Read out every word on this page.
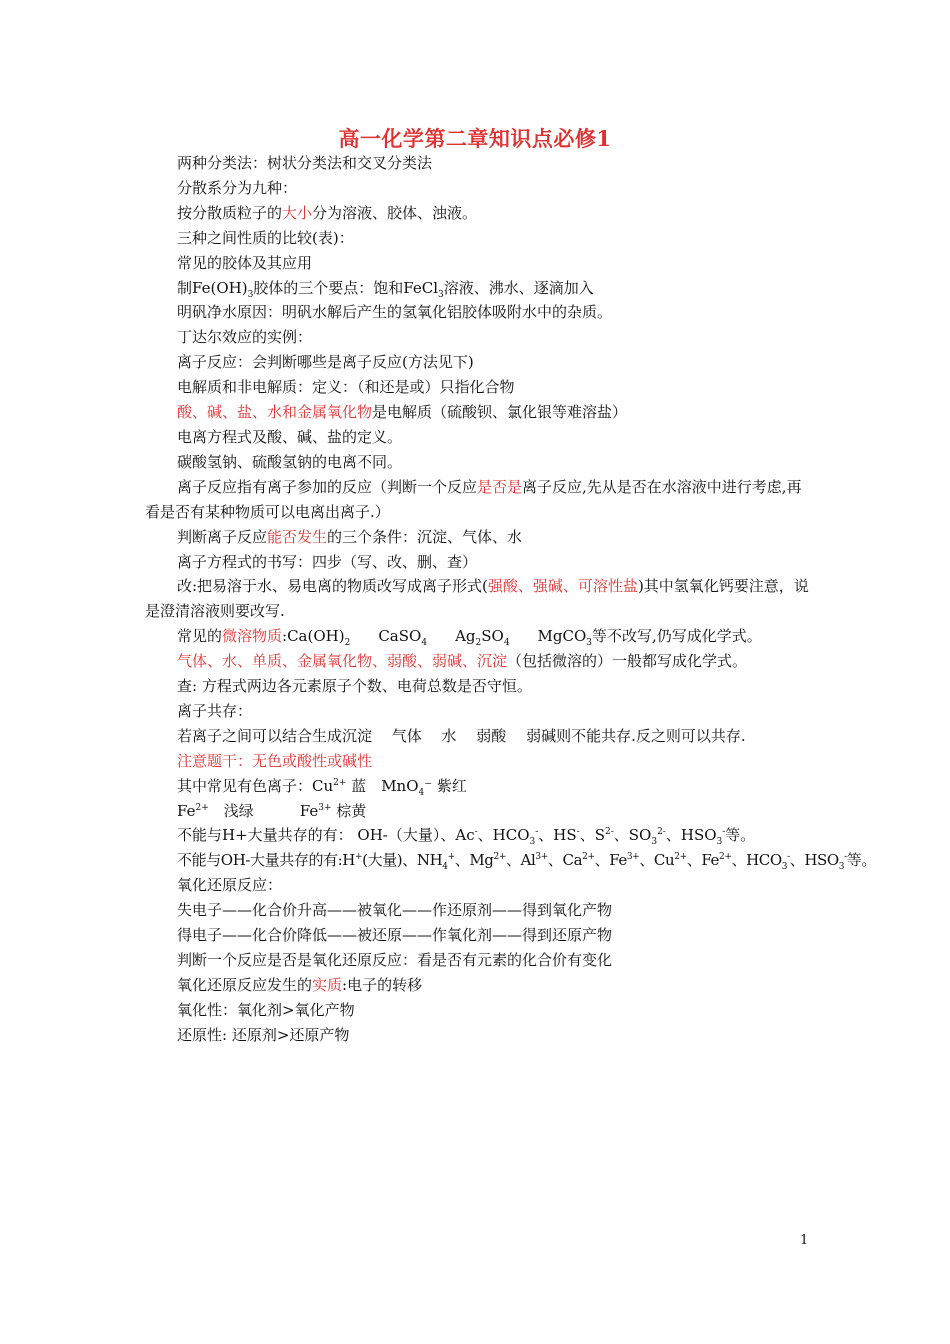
高一化学第二章知识点必修1

两种分类法：树状分类法和交叉分类法

分散系分为九种：

按分散质粒子的大小分为溶液、胶体、浊液。

三种之间性质的比较(表)：

常见的胶体及其应用

制$Fe(OH)_3$胶体的三个要点：饱和FeCl$_3$溶液、沸水、逐滴加入

明矾净水原因：明矾水解后产生的氢氧化铝胶体吸附水中的杂质。

丁达尔效应的实例：

离子反应：会判断哪些是离子反应(方法见下)

电解质和非电解质：定义：（和还是或）只指化合物

酸、碱、盐、水和金属氧化物是电解质（硫酸钡、氯化银等难溶盐）

电离方程式及酸、碱、盐的定义。

碳酸氢钠、硫酸氢钠的电离不同。

离子反应指有离子参加的反应（判断一个反应是否是离子反应,先从是否在水溶液中进行考虑,再看是否有某种物质可以电离出离子.）

判断离子反应能否发生的三个条件：沉淀、气体、水

离子方程式的书写：四步（写、改、删、查）

改:把易溶于水、易电离的物质改写成离子形式(强酸、强碱、可溶性盐)其中氢氧化钙要注意，说是澄清溶液则要改写.

常见的微溶物质$:Ca(OH)_2$ CaSO$_4$ $Ag_2SO_4$ MgCO$_3$等不改写,仍写成化学式。

气体、水、单质、金属氧化物、弱酸、弱碱、沉淀（包括微溶的）一般都写成化学式。

查: 方程式两边各元素原子个数、电荷总数是否守恒。

离子共存：

若离子之间可以结合生成沉淀　 气体　 水　 弱酸　 弱碱则不能共存.反之则可以共存.

注意题干：无色或酸性或碱性

其中常见有色离子：$Cu^{2+}$ 蓝　MnO$_4$⁻ 紫红

$Fe^{2+}$　浅绿	$Fe^{3+}$ 棕黄

不能与H+大量共存的有： OH-（大量）、Ac-、$HCO_3^-$、HS-、$S^{2-}$、$SO_3^{2-}$、$HSO_3^-$等。

不能与OH-大量共存的有:H+(大量)、$NH_4^+$、$Mg^{2+}$、$Al^{3+}$、$Ca^{2+}$、$Fe^{3+}$、$Cu^{2+}$、$Fe^{2+}$、$HCO_3^-$、$HSO_3^-$等。

氧化还原反应：

失电子——化合价升高——被氧化——作还原剂——得到氧化产物

得电子——化合价降低——被还原——作氧化剂——得到还原产物

判断一个反应是否是氧化还原反应：看是否有元素的化合价有变化

氧化还原反应发生的实质:电子的转移

氧化性：氧化剂>氧化产物

还原性: 还原剂>还原产物

1
